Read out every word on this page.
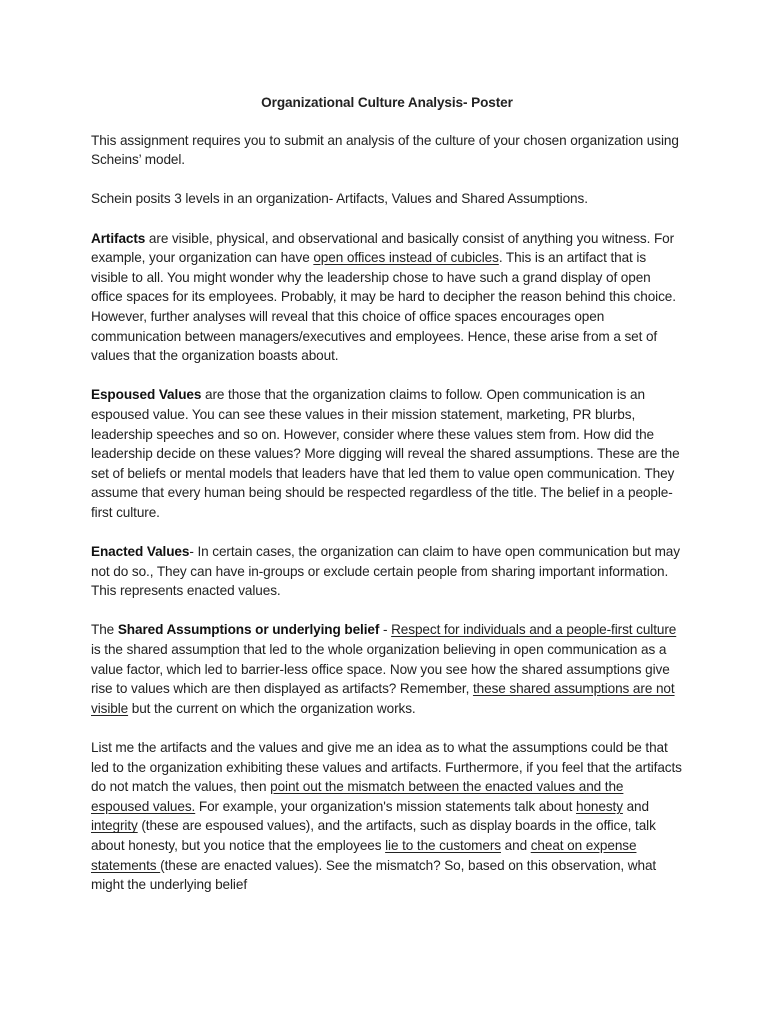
Organizational Culture Analysis- Poster

This assignment requires you to submit an analysis of the culture of your chosen organization using Scheins’ model.

Schein posits 3 levels in an organization- Artifacts, Values and Shared Assumptions.

Artifacts are visible, physical, and observational and basically consist of anything you witness. For example, your organization can have open offices instead of cubicles. This is an artifact that is visible to all. You might wonder why the leadership chose to have such a grand display of open office spaces for its employees. Probably, it may be hard to decipher the reason behind this choice. However, further analyses will reveal that this choice of office spaces encourages open communication between managers/executives and employees. Hence, these arise from a set of values that the organization boasts about.

Espoused Values are those that the organization claims to follow. Open communication is an espoused value. You can see these values in their mission statement, marketing, PR blurbs, leadership speeches and so on. However, consider where these values stem from. How did the leadership decide on these values? More digging will reveal the shared assumptions. These are the set of beliefs or mental models that leaders have that led them to value open communication. They assume that every human being should be respected regardless of the title. The belief in a people-first culture.

Enacted Values- In certain cases, the organization can claim to have open communication but may not do so., They can have in-groups or exclude certain people from sharing important information. This represents enacted values.

The Shared Assumptions or underlying belief - Respect for individuals and a people-first culture is the shared assumption that led to the whole organization believing in open communication as a value factor, which led to barrier-less office space. Now you see how the shared assumptions give rise to values which are then displayed as artifacts? Remember, these shared assumptions are not visible but the current on which the organization works.

List me the artifacts and the values and give me an idea as to what the assumptions could be that led to the organization exhibiting these values and artifacts. Furthermore, if you feel that the artifacts do not match the values, then point out the mismatch between the enacted values and the espoused values. For example, your organization's mission statements talk about honesty and integrity (these are espoused values), and the artifacts, such as display boards in the office, talk about honesty, but you notice that the employees lie to the customers and cheat on expense statements (these are enacted values). See the mismatch? So, based on this observation, what might the underlying belief
